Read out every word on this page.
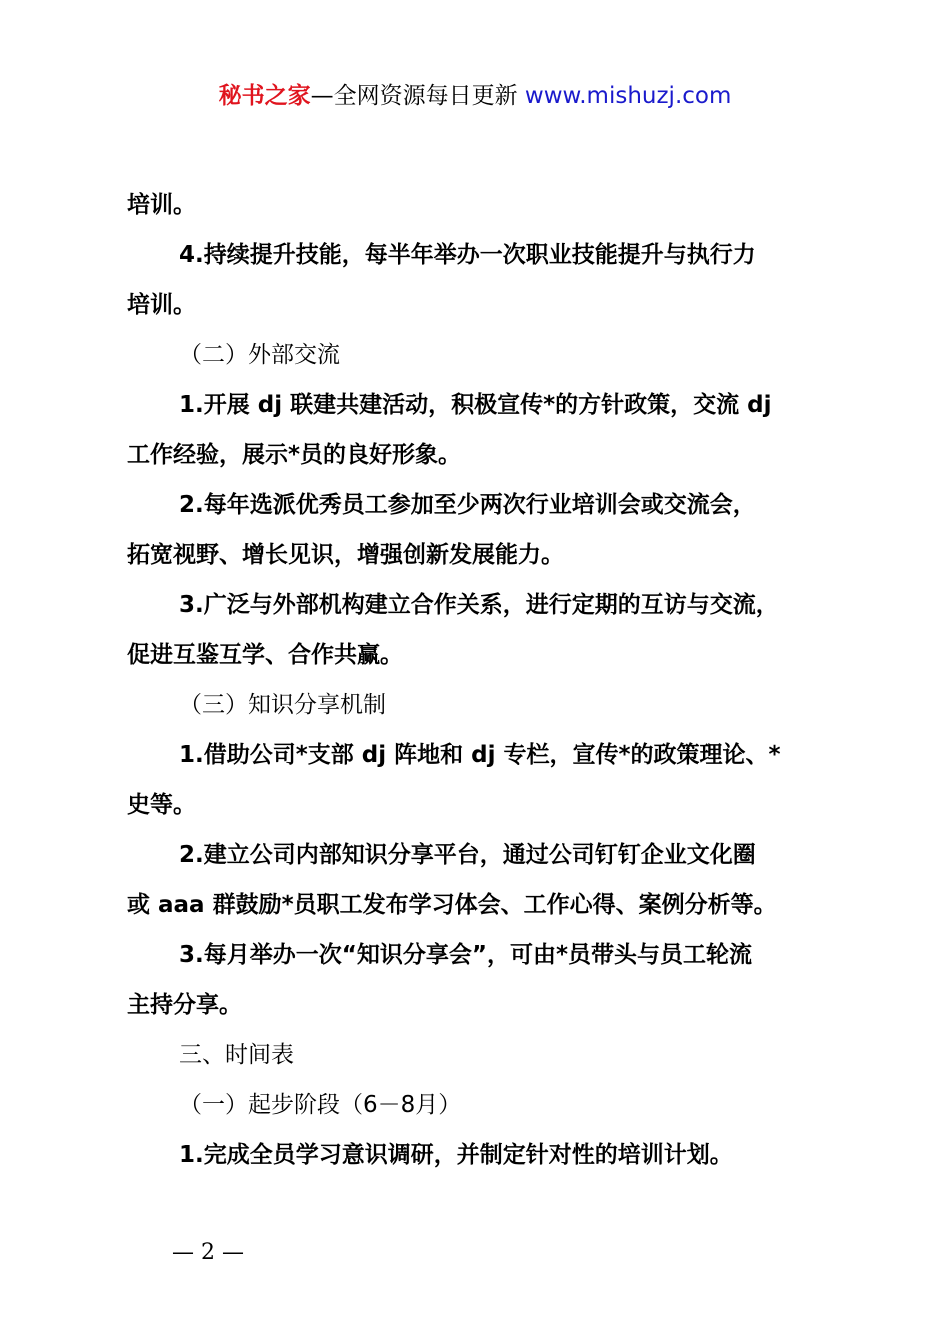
秘书之家—全网资源每日更新 www.mishuzj.com

培训。

4.持续提升技能，每半年举办一次职业技能提升与执行力

培训。

（二）外部交流

1.开展 dj 联建共建活动，积极宣传*的方针政策，交流 dj

工作经验，展示*员的良好形象。

2.每年选派优秀员工参加至少两次行业培训会或交流会，

拓宽视野、增长见识，增强创新发展能力。

3.广泛与外部机构建立合作关系，进行定期的互访与交流，

促进互鉴互学、合作共赢。

（三）知识分享机制

1.借助公司*支部 dj 阵地和 dj 专栏，宣传*的政策理论、*

史等。

2.建立公司内部知识分享平台，通过公司钉钉企业文化圈

或 aaa 群鼓励*员职工发布学习体会、工作心得、案例分析等。

3.每月举办一次“知识分享会”，可由*员带头与员工轮流

主持分享。

三、时间表

（一）起步阶段（6－8月）

1.完成全员学习意识调研，并制定针对性的培训计划。

— 2 —
